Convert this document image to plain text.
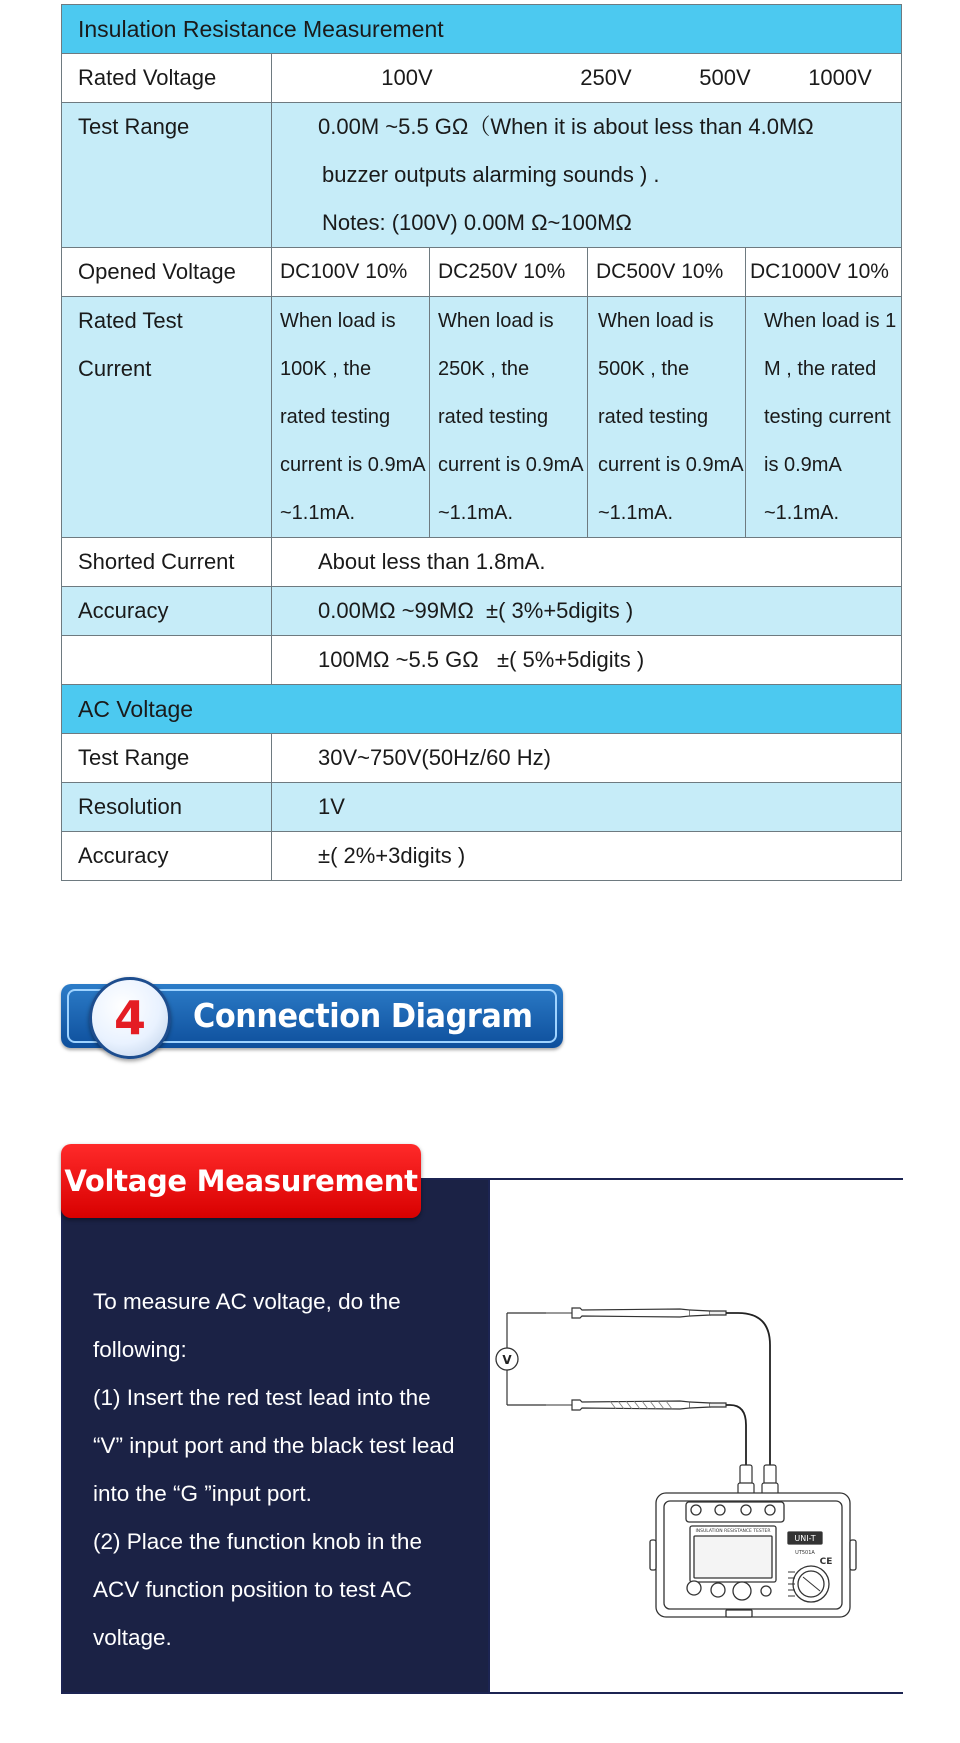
Insulation Resistance Measurement				
Rated Voltage	100V 250V 500V 1000V			
Test Range	0.00M ~5.5 GΩ（When it is about less than 4.0MΩ
buzzer outputs alarming sounds ) .
Notes: (100V) 0.00M Ω~100MΩ			

Opened Voltage	DC100V 10%	DC250V 10%	DC500V 10%	DC1000V 10%

Rated Test
Current	When load is
100K , the
rated testing
current is 0.9mA
~1.1mA.	When load is
250K , the
rated testing
current is 0.9mA
~1.1mA.	When load is
500K , the
rated testing
current is 0.9mA
~1.1mA.	When load is 1
M , the rated
testing current
is 0.9mA
~1.1mA.

Shorted Current	About less than 1.8mA.			
Accuracy	0.00MΩ ~99MΩ  ±( 3%+5digits )			
	100MΩ ~5.5 GΩ   ±( 5%+5digits )			
AC Voltage				
Test Range	30V~750V(50Hz/60 Hz)			
Resolution	1V			
Accuracy	±( 2%+3digits )			
4	Connection Diagram
Voltage Measurement
To measure AC voltage, do the
following:
(1) Insert the red test lead into the
“V” input port and the black test lead
into the “G ”input port.
(2) Place the function knob in the
ACV function position to test AC
voltage.
V
UNI-T
UT501A
INSULATION RESISTANCE TESTER
CE
